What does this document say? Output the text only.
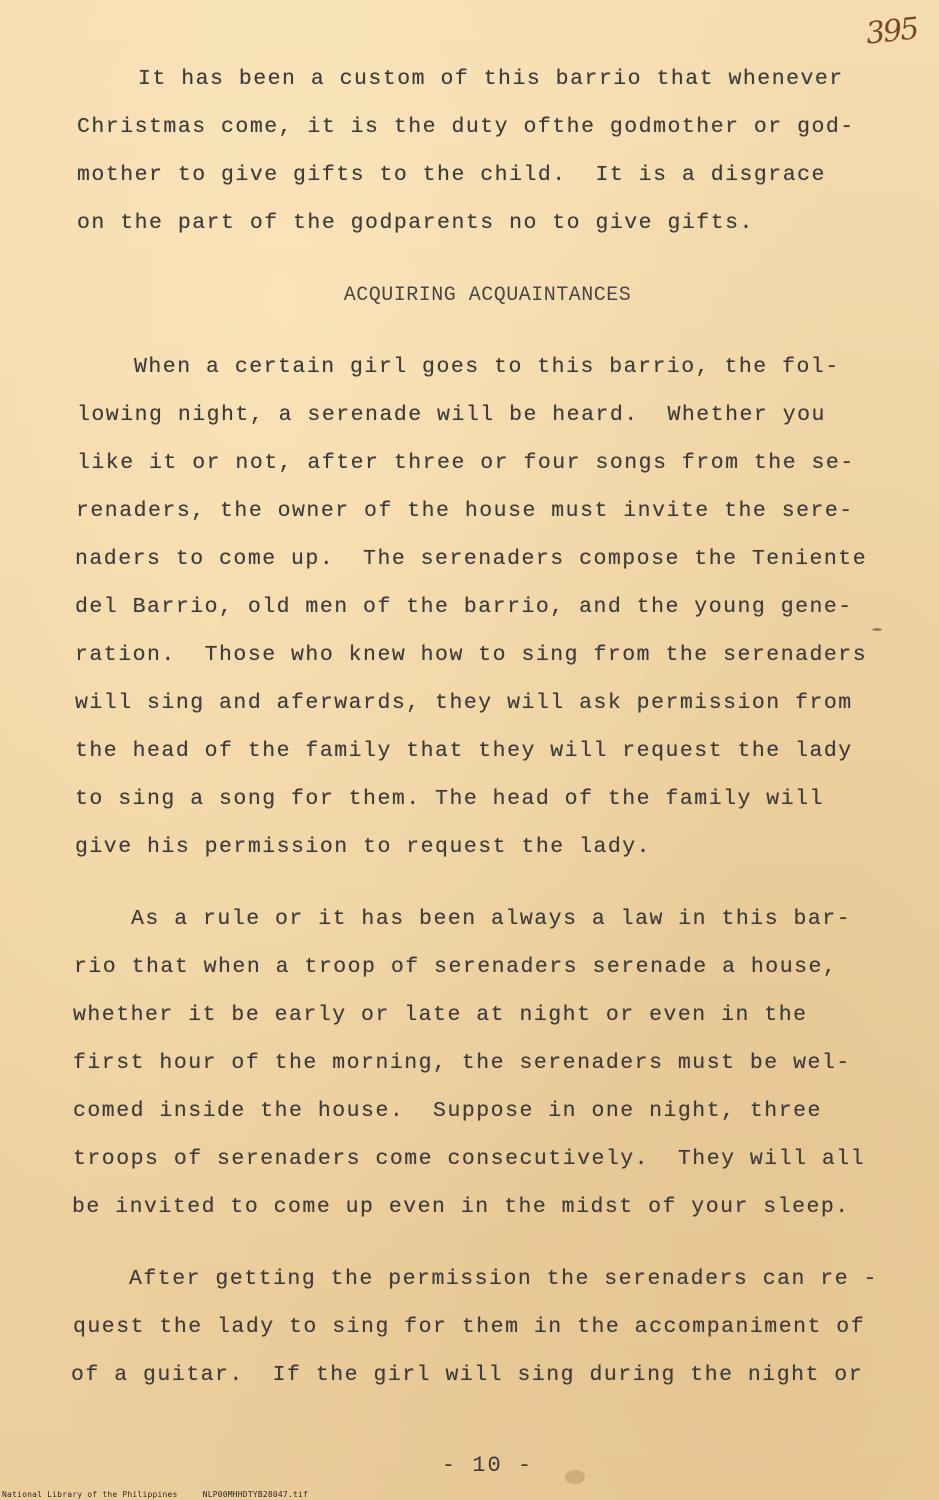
395
It has been a custom of this barrio that whenever
Christmas come, it is the duty ofthe godmother or god-
mother to give gifts to the child.  It is a disgrace
on the part of the godparents no to give gifts.
ACQUIRING ACQUAINTANCES
When a certain girl goes to this barrio, the fol-
lowing night, a serenade will be heard.  Whether you
like it or not, after three or four songs from the se-
renaders, the owner of the house must invite the sere-
naders to come up.  The serenaders compose the Teniente
del Barrio, old men of the barrio, and the young gene-
ration.  Those who knew how to sing from the serenaders
will sing and aferwards, they will ask permission from
the head of the family that they will request the lady
to sing a song for them. The head of the family will
give his permission to request the lady.
As a rule or it has been always a law in this bar-
rio that when a troop of serenaders serenade a house,
whether it be early or late at night or even in the
first hour of the morning, the serenaders must be wel-
comed inside the house.  Suppose in one night, three
troops of serenaders come consecutively.  They will all
be invited to come up even in the midst of your sleep.
After getting the permission the serenaders can re -
quest the lady to sing for them in the accompaniment of
of a guitar.  If the girl will sing during the night or
- 10 -
National Library of the Philippines	NLP00MHHDTYB28047.tif
